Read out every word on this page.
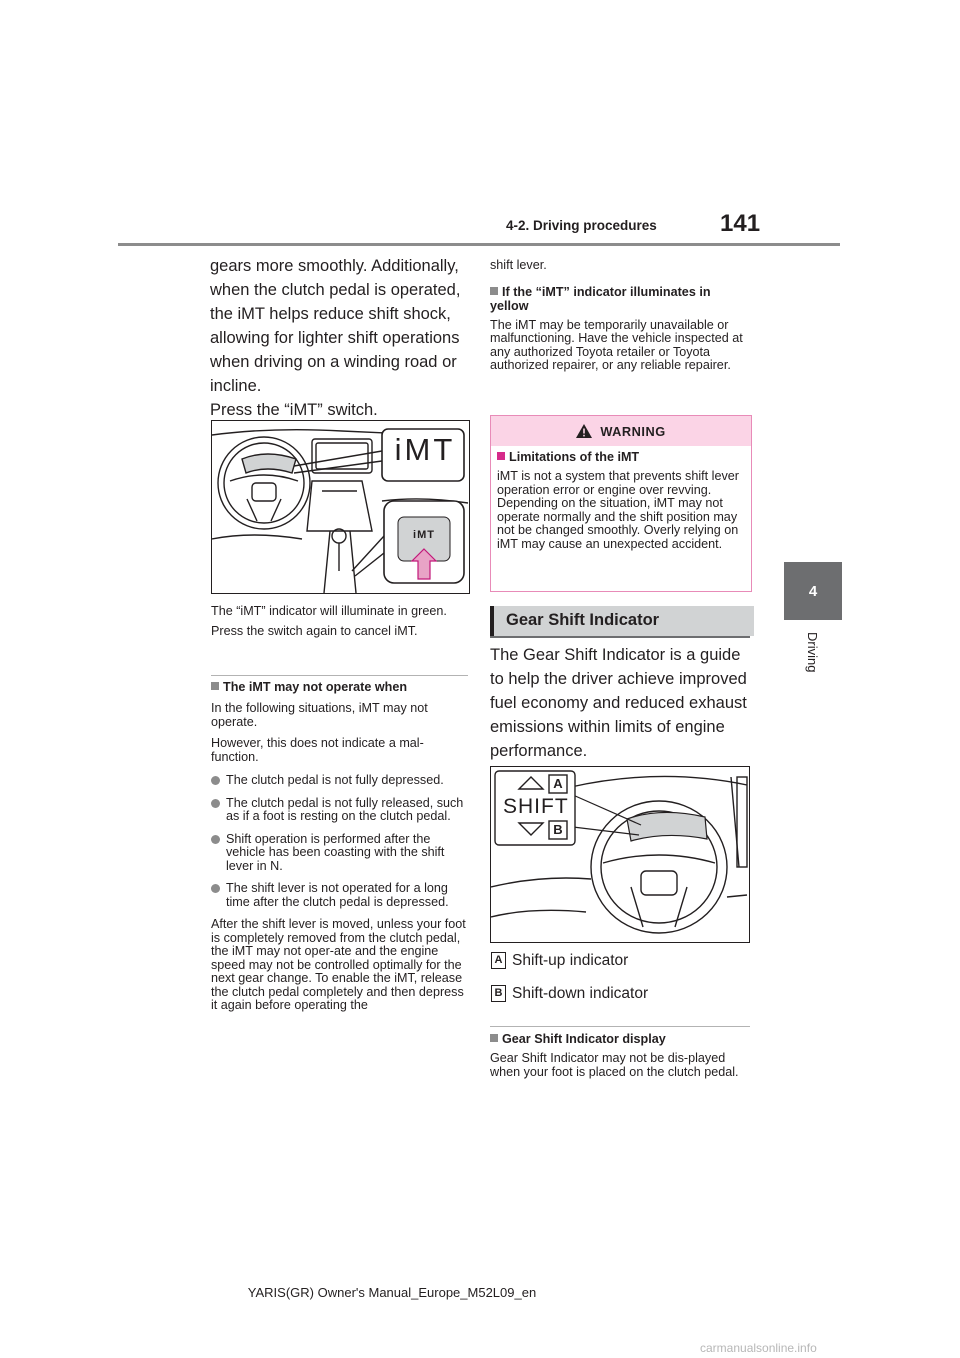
4-2. Driving procedures	141
4
Driving

gears more smoothly. Additionally,

when the clutch pedal is operated,

the iMT helps reduce shift shock,

allowing for lighter shift operations

when driving on a winding road or

incline.

Press the “iMT” switch.

iMT
iMT
The “iMT” indicator will illuminate in green. Press the switch again to cancel iMT.
The iMT may not operate when
In the following situations, iMT may not operate.
However, this does not indicate a mal-function.
The clutch pedal is not fully depressed.
The clutch pedal is not fully released, such as if a foot is resting on the clutch pedal.
Shift operation is performed after the vehicle has been coasting with the shift lever in N.
The shift lever is not operated for a long time after the clutch pedal is depressed.
After the shift lever is moved, unless your foot is completely removed from the clutch pedal, the iMT may not oper-ate and the engine speed may not be controlled optimally for the next gear change. To enable the iMT, release the clutch pedal completely and then depress it again before operating the
shift lever.
If the “iMT” indicator illuminates in yellow
The iMT may be temporarily unavailable or malfunctioning. Have the vehicle inspected at any authorized Toyota retailer or Toyota authorized repairer, or any reliable repairer.
WARNING
Limitations of the iMT
iMT is not a system that prevents shift lever operation error or engine over revving. Depending on the situation, iMT may not operate normally and the shift position may not be changed smoothly. Overly relying on iMT may cause an unexpected accident.
Gear Shift Indicator
The Gear Shift Indicator is a guide
to help the driver achieve improved
fuel economy and reduced exhaust
emissions within limits of engine
performance.
SHIFT
A
B
A Shift-up indicator
B Shift-down indicator
Gear Shift Indicator display
Gear Shift Indicator may not be dis-played when your foot is placed on the clutch pedal.
YARIS(GR) Owner's Manual_Europe_M52L09_en
carmanualsonline.info
